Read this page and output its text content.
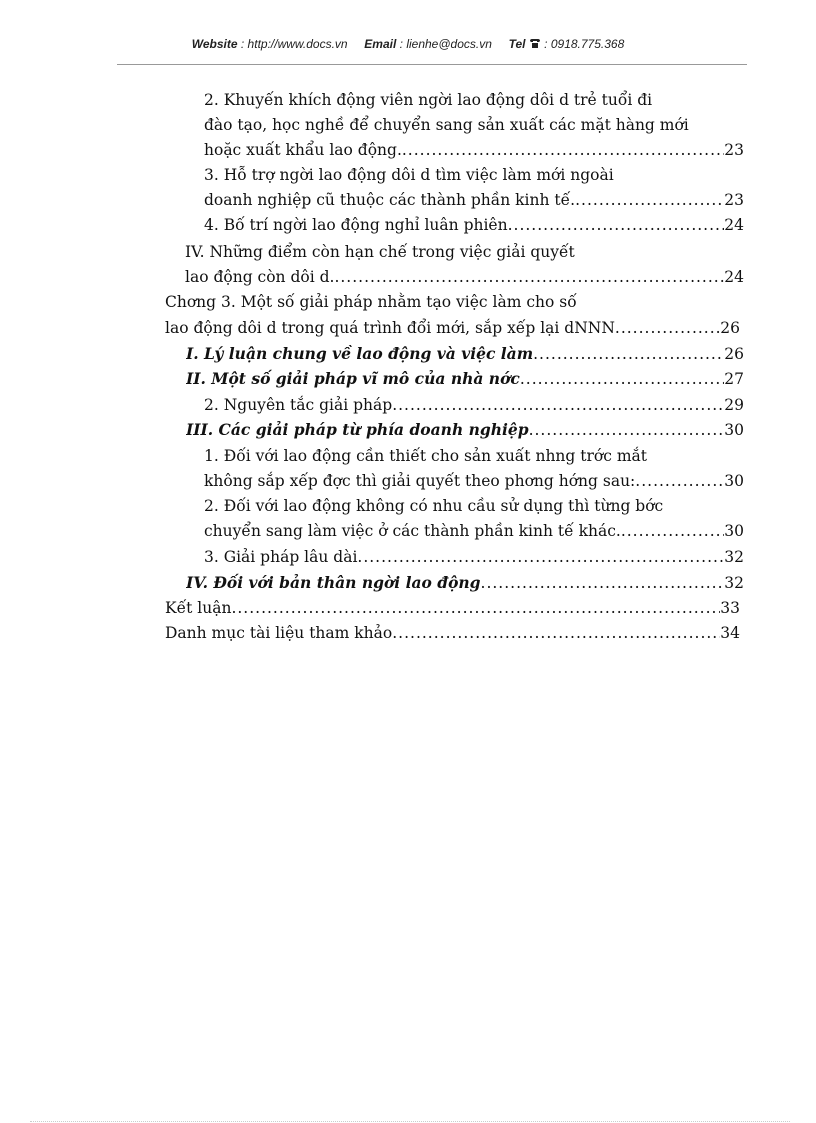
Website : http://www.docs.vn Email : lienhe@docs.vn Tel : 0918.775.368
2. Khuyến khích động viên ngời lao động dôi d trẻ tuổi đi
đào tạo, học nghề để chuyển sang sản xuất các mặt hàng mới
hoặc xuất khẩu lao động. .....	23
3. Hỗ trợ ngời lao động dôi d tìm việc làm mới ngoài
doanh nghiệp cũ thuộc các thành phần kinh tế. .....	23
4. Bố trí ngời lao động nghỉ luân phiên .....	24
IV. Những điểm còn hạn chế trong việc giải quyết
lao động còn dôi d. .....	24
Chơng 3. Một số giải pháp nhằm tạo việc làm cho số
lao động dôi d trong quá trình đổi mới, sắp xếp lại dNNN .....	26
I. Lý luận chung về lao động và việc làm .....	26
II. Một số giải pháp vĩ mô của nhà nớc .....	27
2. Nguyên tắc giải pháp .....	29
III. Các giải pháp từ phía doanh nghiệp .....	30
1. Đối với lao động cần thiết cho sản xuất nhng trớc mắt
không sắp xếp đợc thì giải quyết theo phơng hớng sau: .....	30
2. Đối với lao động không có nhu cầu sử dụng thì từng bớc
chuyển sang làm việc ở các thành phần kinh tế khác. .....	30
3. Giải pháp lâu dài .....	32
IV. Đối với bản thân ngời lao động .....	32
Kết luận .....	33
Danh mục tài liệu tham khảo .....	34
